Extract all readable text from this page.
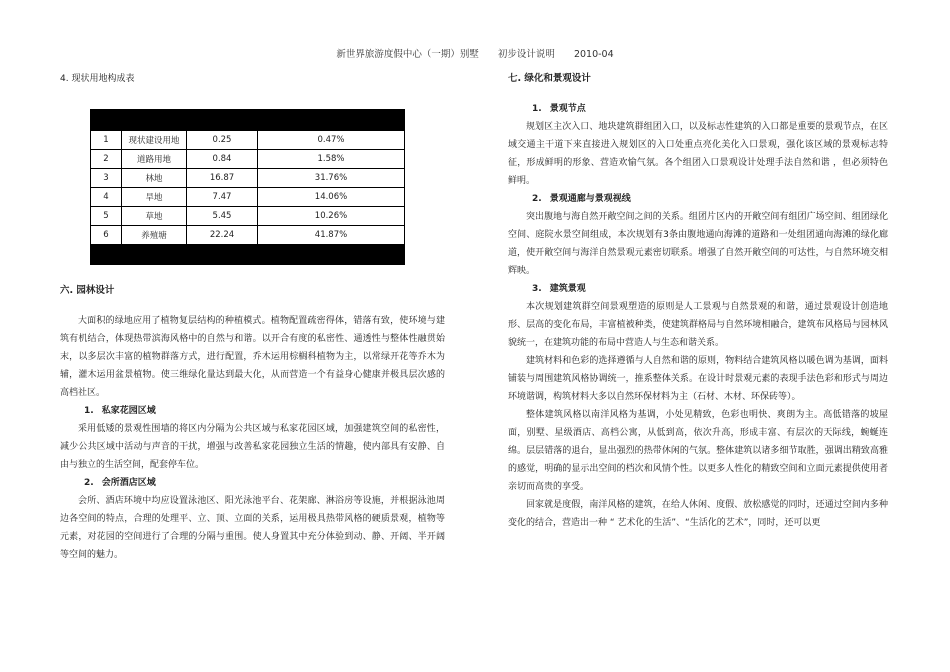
新世界旅游度假中心（一期）别墅 初步设计说明 2010-04
4. 现状用地构成表

1	现状建设用地	0.25	0.47%
2	道路用地	0.84	1.58%
3	林地	16.87	31.76%
4	旱地	7.47	14.06%
5	草地	5.45	10.26%
6	养殖塘	22.24	41.87%

六. 园林设计

大面积的绿地应用了植物复层结构的种植模式。植物配置疏密得体，错落有致，使环境与建筑有机结合，体现热带滨海风格中的自然与和谐。以开合有度的私密性、通透性与整体性融贯始末，以多层次丰富的植物群落方式，进行配置，乔木运用棕榈科植物为主，以常绿开花等乔木为辅，灌木运用盆景植物。使三维绿化量达到最大化，从而营造一个有益身心健康并极具层次感的高档社区。

1. 私家花园区域

采用低矮的景观性围墙的将区内分隔为公共区域与私家花园区域，加强建筑空间的私密性，减少公共区域中活动与声音的干扰，增强与改善私家花园独立生活的情趣，使内部具有安静、自由与独立的生活空间，配套停车位。

2. 会所酒店区域

会所、酒店环境中均应设置泳池区、阳光泳池平台、花架廊、淋浴房等设施，并根据泳池周边各空间的特点，合理的处理平、立、顶、立面的关系，运用极具热带风格的硬质景观，植物等元素，对花园的空间进行了合理的分隔与重围。使人身置其中充分体验到动、静、开阔、半开阔等空间的魅力。

七. 绿化和景观设计
1. 景观节点

规划区主次入口、地块建筑群组团入口，以及标志性建筑的入口都是重要的景观节点，在区域交通主干道下来直接进入规划区的入口处重点亮化美化入口景观，强化该区域的景观标志特征，形成鲜明的形象、营造欢愉气氛。各个组团入口景观设计处理手法自然和谐 ，但必须特色鲜明。

2. 景观通廊与景观视线

突出腹地与海自然开敞空间之间的关系。组团片区内的开敞空间有组团广场空间、组团绿化空间、庭院水景空间组成，本次规划有3条由腹地通向海滩的道路和一处组团通向海滩的绿化廊道，使开敞空间与海洋自然景观元素密切联系。增强了自然开敞空间的可达性，与自然环境交相辉映。

3. 建筑景观

本次规划建筑群空间景观塑造的原则是人工景观与自然景观的和谐，通过景观设计创造地形、层高的变化布局，丰富植被种类，使建筑群格局与自然环境相融合，建筑布风格局与园林风貌统一，在建筑功能的布局中营造人与生态和谐关系。

建筑材料和色彩的选择遵循与人自然和谐的原则，物料结合建筑风格以暖色调为基调，面料铺装与周围建筑风格协调统一，推系整体关系。在设计时景观元素的表现手法色彩和形式与周边环境谐调，构筑材料大多以自然环保材料为主（石材、木材、环保砖等）。

整体建筑风格以南洋风格为基调，小处见精致，色彩也明快、爽朗为主。高低错落的坡屋面，别墅、星级酒店、高档公寓，从低到高，依次升高，形成丰富、有层次的天际线，蜿蜒连绵。层层错落的退台，显出强烈的热带休闲的气氛。整体建筑以诸多细节取胜，强调出精致高雅的感觉，明确的显示出空间的档次和风情个性。以更多人性化的精致空间和立面元素提供使用者亲切而高贵的享受。

回家就是度假，南洋风格的建筑，在给人休闲、度假、放松感觉的同时，还通过空间内多种变化的结合，营造出一种 “ 艺术化的生活”、“生活化的艺术”，同时，还可以更
